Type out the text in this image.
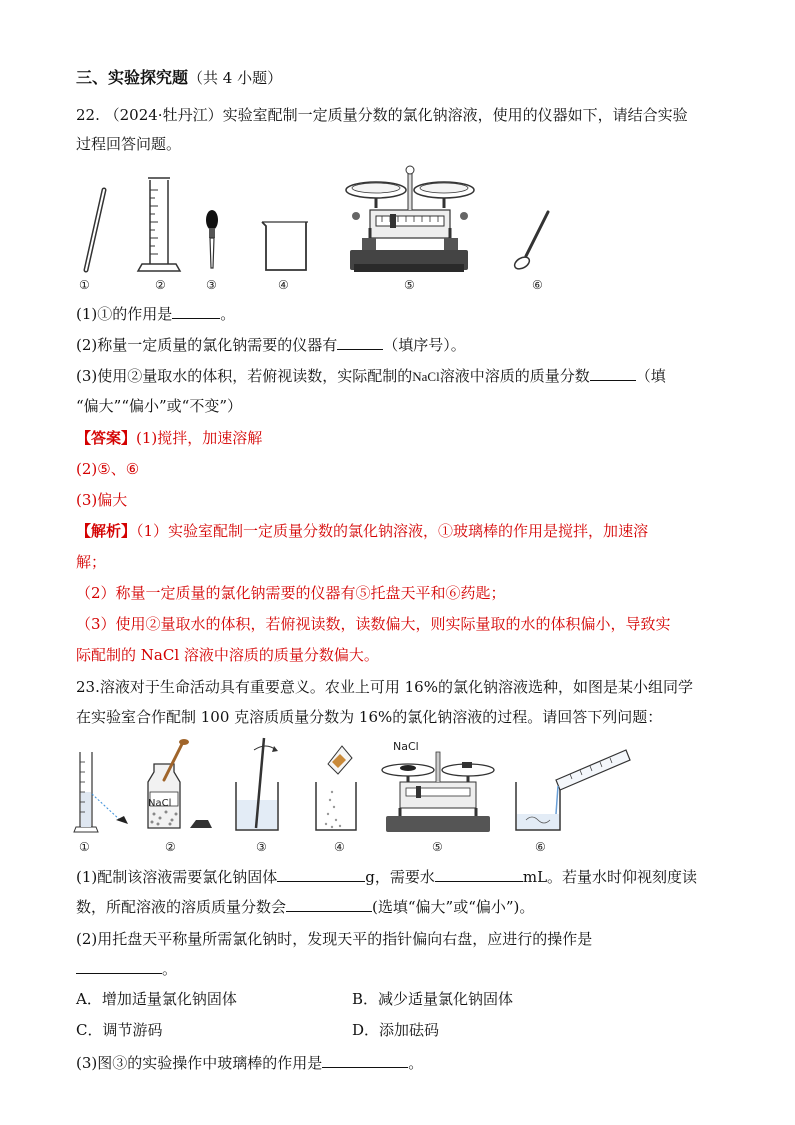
三、实验探究题（共 4 小题）
22. （2024·牡丹江）实验室配制一定质量分数的氯化钠溶液，使用的仪器如下，请结合实验
过程回答问题。
①	②	③	④	⑤	⑥
(1)①的作用是	。
(2)称量一定质量的氯化钠需要的仪器有	（填序号）。
(3)使用②量取水的体积，若俯视读数，实际配制的NaCl溶液中溶质的质量分数	（填
“偏大”“偏小”或“不变”）
【答案】(1)搅拌，加速溶解
(2)⑤、⑥
(3)偏大
【解析】（1）实验室配制一定质量分数的氯化钠溶液，①玻璃棒的作用是搅拌，加速溶
解；
（2）称量一定质量的氯化钠需要的仪器有⑤托盘天平和⑥药匙；
（3）使用②量取水的体积，若俯视读数，读数偏大，则实际量取的水的体积偏小，导致实
际配制的 NaCl 溶液中溶质的质量分数偏大。
23.溶液对于生命活动具有重要意义。农业上可用 16%的氯化钠溶液选种，如图是某小组同学
在实验室合作配制 100 克溶质质量分数为 16%的氯化钠溶液的过程。请回答下列问题：
NaCl
NaCl
①	②	③	④	⑤	⑥
(1)配制该溶液需要氯化钠固体	g，需要水	mL。若量水时仰视刻度读
数，所配溶液的溶质质量分数会	(选填“偏大”或“偏小”)。
(2)用托盘天平称量所需氯化钠时，发现天平的指针偏向右盘，应进行的操作是
。
A．增加适量氯化钠固体	B．减少适量氯化钠固体
C．调节游码	D．添加砝码
(3)图③的实验操作中玻璃棒的作用是	。
